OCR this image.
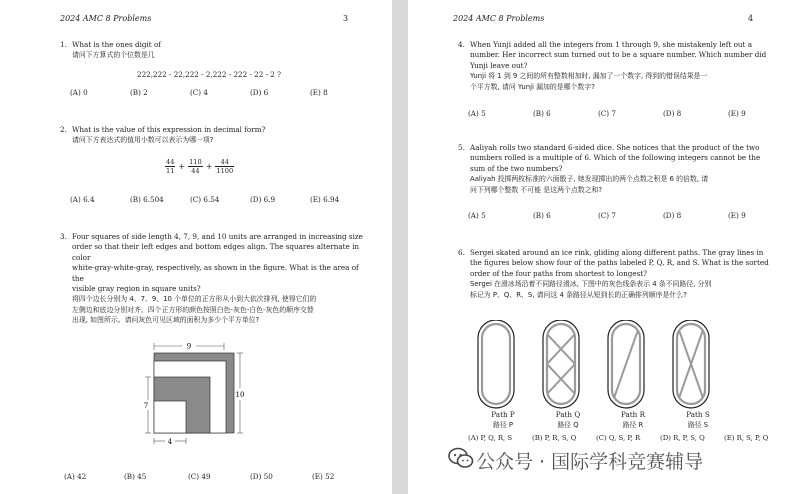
2024 AMC 8 Problems	3
1. What is the ones digit of
请问下方算式的个位数是几
222,222 - 22,222 - 2,222 - 222 - 22 - 2 ?
(A) 0	(B) 2	(C) 4	(D) 6	(E) 8
2. What is the value of this expression in decimal form?
请问下方表达式的值用小数可以表示为哪一项?
$\frac{44}{11} + \frac{110}{44} + \frac{44}{1100}$
(A) 6.4	(B) 6.504	(C) 6.54	(D) 6.9	(E) 6.94
3. Four squares of side length 4, 7, 9, and 10 units are arranged in increasing size
order so that their left edges and bottom edges align. The squares alternate in color
white-gray-white-gray, respectively, as shown in the figure. What is the area of the
visible gray region in square units?
将四个边长分别为 4、7、9、10 个单位的正方形从小到大依次排列, 使得它们的
左侧边和底边分别对齐。四个正方形的颜色按照白色-灰色-白色-灰色的顺序交替
出现, 如图所示。请问灰色可见区域的面积为多少个平方单位?
9
10
7
4
(A) 42	(B) 45	(C) 49	(D) 50	(E) 52
2024 AMC 8 Problems	4
4. When Yunji added all the integers from 1 through 9, she mistakenly left out a
number. Her incorrect sum turned out to be a square number. Which number did
Yunji leave out?
Yunji 将 1 到 9 之间的所有整数相加时, 漏加了一个数字, 得到的错误结果是一
个平方数, 请问 Yunji 漏加的是哪个数字?
(A) 5	(B) 6	(C) 7	(D) 8	(E) 9
5. Aaliyah rolls two standard 6-sided dice. She notices that the product of the two
numbers rolled is a multiple of 6. Which of the following integers cannot be the
sum of the two numbers?
Aaliyah 投掷两枚标准的六面骰子, 她发现掷出的两个点数之积是 6 的倍数, 请
问下列哪个整数 不可能 是这两个点数之和?
(A) 5	(B) 6	(C) 7	(D) 8	(E) 9
6. Sergei skated around an ice rink, gliding along different paths. The gray lines in
the figures below show four of the paths labeled P, Q, R, and S. What is the sorted
order of the four paths from shortest to longest?
Sergei 在滑冰场沿着不同路径滑冰, 下图中的灰色线条表示 4 条不同路径, 分别
标记为 P、Q、R、S, 请问这 4 条路径从短到长的正确排列顺序是什么?
Path P
路径 P
Path Q
路径 Q
Path R
路径 R
Path S
路径 S
(A) P, Q, R, S	(B) P, R, S, Q	(C) Q, S, P, R	(D) R, P, S, Q	(E) R, S, P, Q
公众号 · 国际学科竞赛辅导
